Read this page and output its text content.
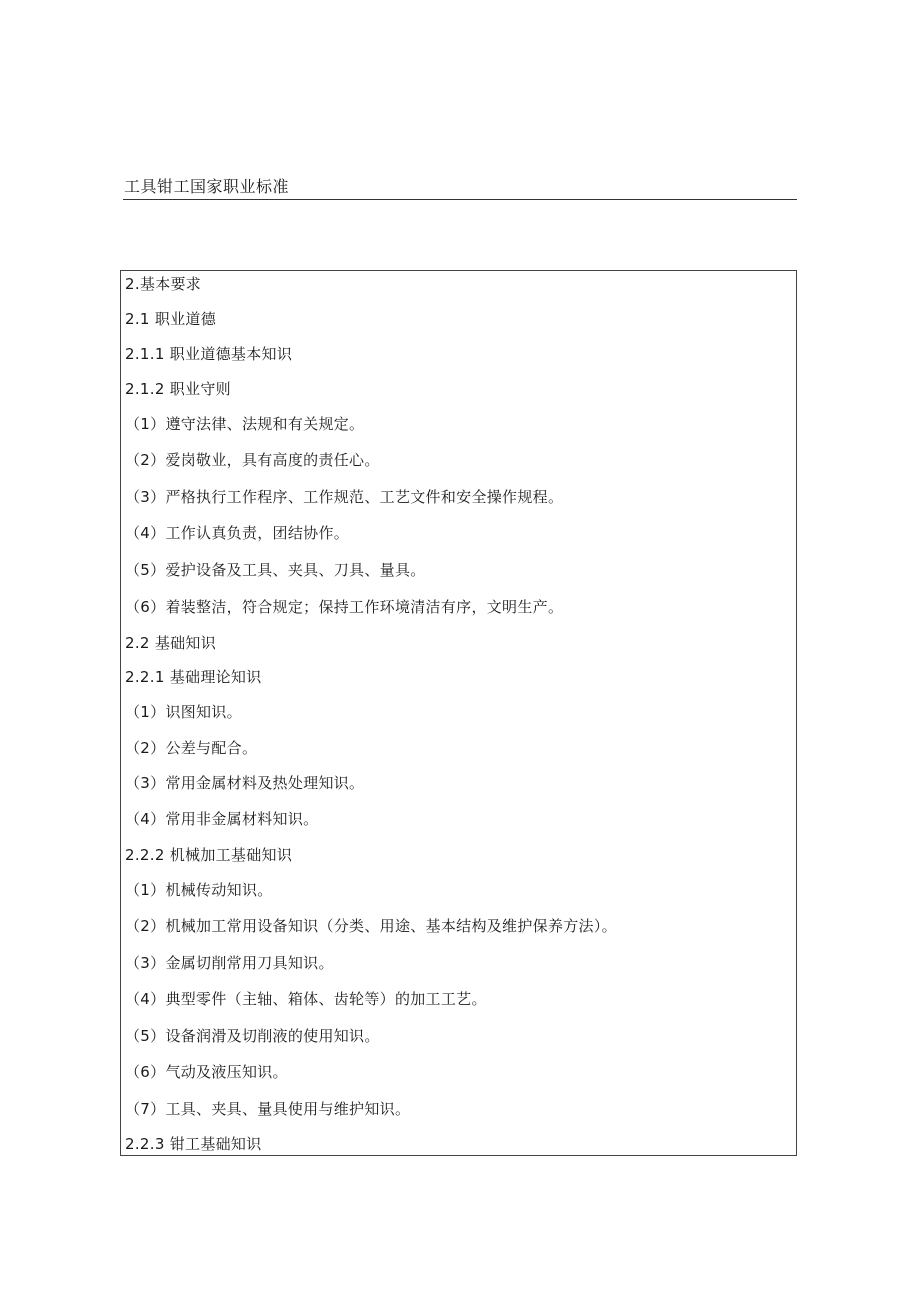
工具钳工国家职业标准
2.基本要求
2.1 职业道德
2.1.1 职业道德基本知识
2.1.2 职业守则
（1）遵守法律、法规和有关规定。
（2）爱岗敬业，具有高度的责任心。
（3）严格执行工作程序、工作规范、工艺文件和安全操作规程。
（4）工作认真负责，团结协作。
（5）爱护设备及工具、夹具、刀具、量具。
（6）着装整洁，符合规定；保持工作环境清洁有序，文明生产。
2.2 基础知识
2.2.1 基础理论知识
（1）识图知识。
（2）公差与配合。
（3）常用金属材料及热处理知识。
（4）常用非金属材料知识。
2.2.2 机械加工基础知识
（1）机械传动知识。
（2）机械加工常用设备知识（分类、用途、基本结构及维护保养方法）。
（3）金属切削常用刀具知识。
（4）典型零件（主轴、箱体、齿轮等）的加工工艺。
（5）设备润滑及切削液的使用知识。
（6）气动及液压知识。
（7）工具、夹具、量具使用与维护知识。
2.2.3 钳工基础知识
